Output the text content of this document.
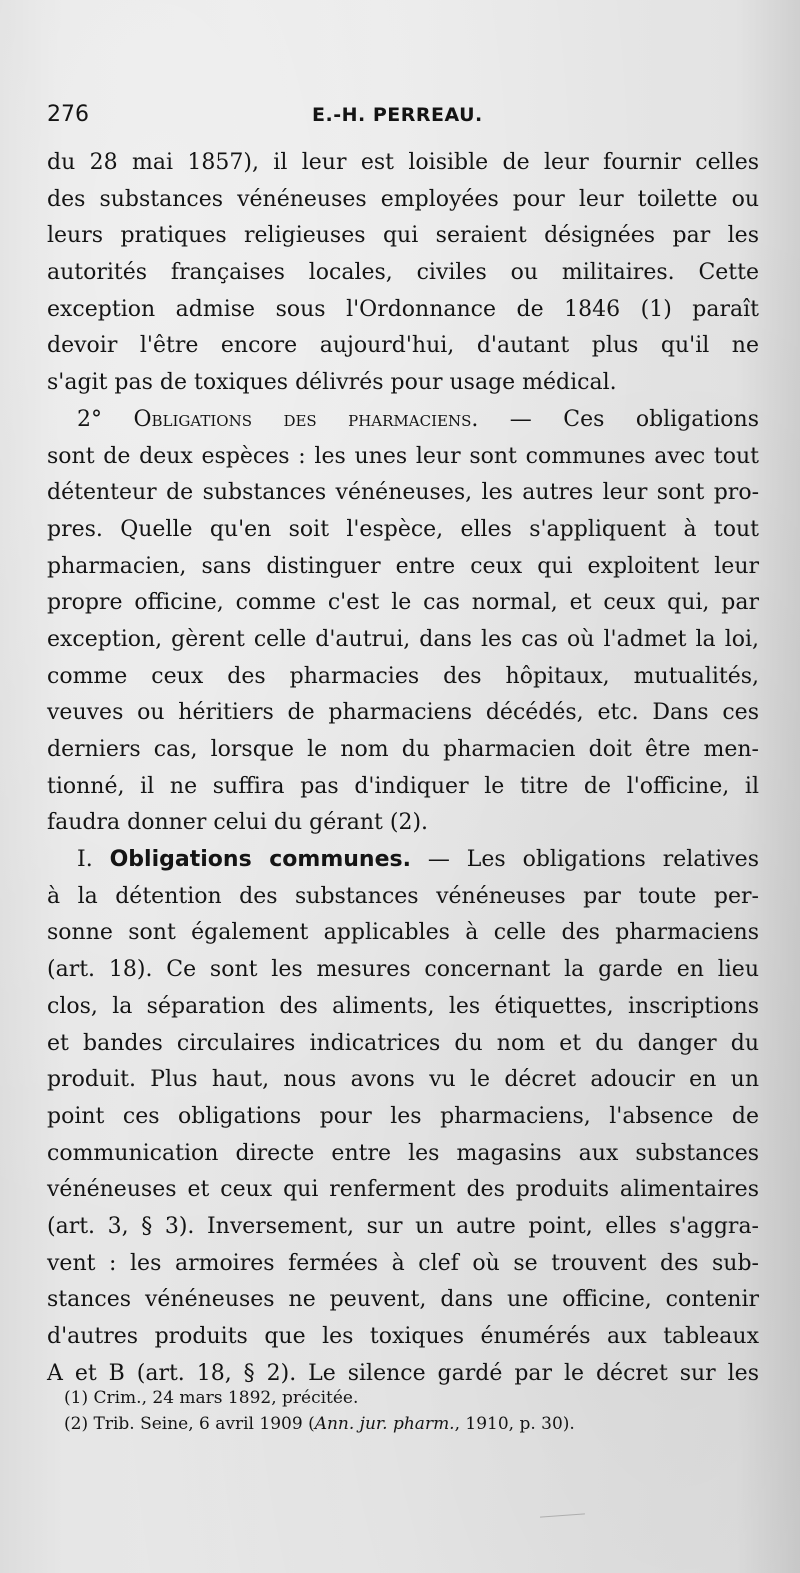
276	E.-H. PERREAU.
du 28 mai 1857), il leur est loisible de leur fournir celles
des substances vénéneuses employées pour leur toilette ou
leurs pratiques religieuses qui seraient désignées par les
autorités françaises locales, civiles ou militaires. Cette
exception admise sous l'Ordonnance de 1846 (1) paraît
devoir l'être encore aujourd'hui, d'autant plus qu'il ne
s'agit pas de toxiques délivrés pour usage médical.
2° Obligations des pharmaciens. — Ces obligations
sont de deux espèces : les unes leur sont communes avec tout
détenteur de substances vénéneuses, les autres leur sont pro-
pres. Quelle qu'en soit l'espèce, elles s'appliquent à tout
pharmacien, sans distinguer entre ceux qui exploitent leur
propre officine, comme c'est le cas normal, et ceux qui, par
exception, gèrent celle d'autrui, dans les cas où l'admet la loi,
comme ceux des pharmacies des hôpitaux, mutualités,
veuves ou héritiers de pharmaciens décédés, etc. Dans ces
derniers cas, lorsque le nom du pharmacien doit être men-
tionné, il ne suffira pas d'indiquer le titre de l'officine, il
faudra donner celui du gérant (2).
I. Obligations communes. — Les obligations relatives
à la détention des substances vénéneuses par toute per-
sonne sont également applicables à celle des pharmaciens
(art. 18). Ce sont les mesures concernant la garde en lieu
clos, la séparation des aliments, les étiquettes, inscriptions
et bandes circulaires indicatrices du nom et du danger du
produit. Plus haut, nous avons vu le décret adoucir en un
point ces obligations pour les pharmaciens, l'absence de
communication directe entre les magasins aux substances
vénéneuses et ceux qui renferment des produits alimentaires
(art. 3, § 3). Inversement, sur un autre point, elles s'aggra-
vent : les armoires fermées à clef où se trouvent des sub-
stances vénéneuses ne peuvent, dans une officine, contenir
d'autres produits que les toxiques énumérés aux tableaux
A et B (art. 18, § 2). Le silence gardé par le décret sur les
(1) Crim., 24 mars 1892, précitée.
(2) Trib. Seine, 6 avril 1909 (Ann. jur. pharm., 1910, p. 30).
